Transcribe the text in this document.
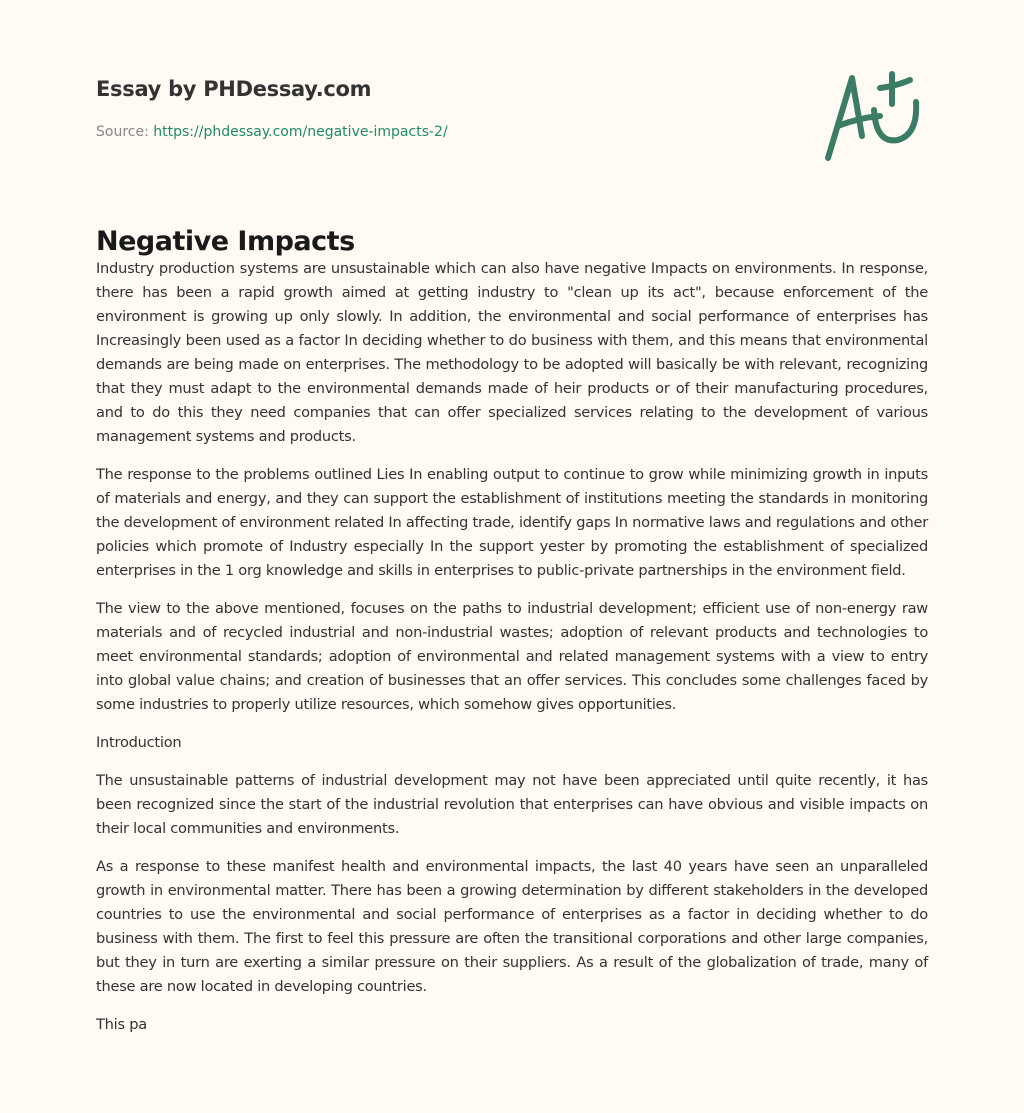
Essay by PHDessay.com
Source: https://phdessay.com/negative-impacts-2/
Negative Impacts

Industry production systems are unsustainable which can also have negative Impacts on environments. In response, there has been a rapid growth aimed at getting industry to "clean up its act", because enforcement of the environment is growing up only slowly. In addition, the environmental and social performance of enterprises has Increasingly been used as a factor In deciding whether to do business with them, and this means that environmental demands are being made on enterprises. The methodology to be adopted will basically be with relevant, recognizing that they must adapt to the environmental demands made of heir products or of their manufacturing procedures, and to do this they need companies that can offer specialized services relating to the development of various management systems and products.

The response to the problems outlined Lies In enabling output to continue to grow while minimizing growth in inputs of materials and energy, and they can support the establishment of institutions meeting the standards in monitoring the development of environment related In affecting trade, identify gaps In normative laws and regulations and other policies which promote of Industry especially In the support yester by promoting the establishment of specialized enterprises in the 1 org knowledge and skills in enterprises to public-private partnerships in the environment field.

The view to the above mentioned, focuses on the paths to industrial development; efficient use of non-energy raw materials and of recycled industrial and non-industrial wastes; adoption of relevant products and technologies to meet environmental standards; adoption of environmental and related management systems with a view to entry into global value chains; and creation of businesses that an offer services. This concludes some challenges faced by some industries to properly utilize resources, which somehow gives opportunities.

Introduction

The unsustainable patterns of industrial development may not have been appreciated until quite recently, it has been recognized since the start of the industrial revolution that enterprises can have obvious and visible impacts on their local communities and environments.

As a response to these manifest health and environmental impacts, the last 40 years have seen an unparalleled growth in environmental matter. There has been a growing determination by different stakeholders in the developed countries to use the environmental and social performance of enterprises as a factor in deciding whether to do business with them. The first to feel this pressure are often the transitional corporations and other large companies, but they in turn are exerting a similar pressure on their suppliers. As a result of the globalization of trade, many of these are now located in developing countries.

This pa
